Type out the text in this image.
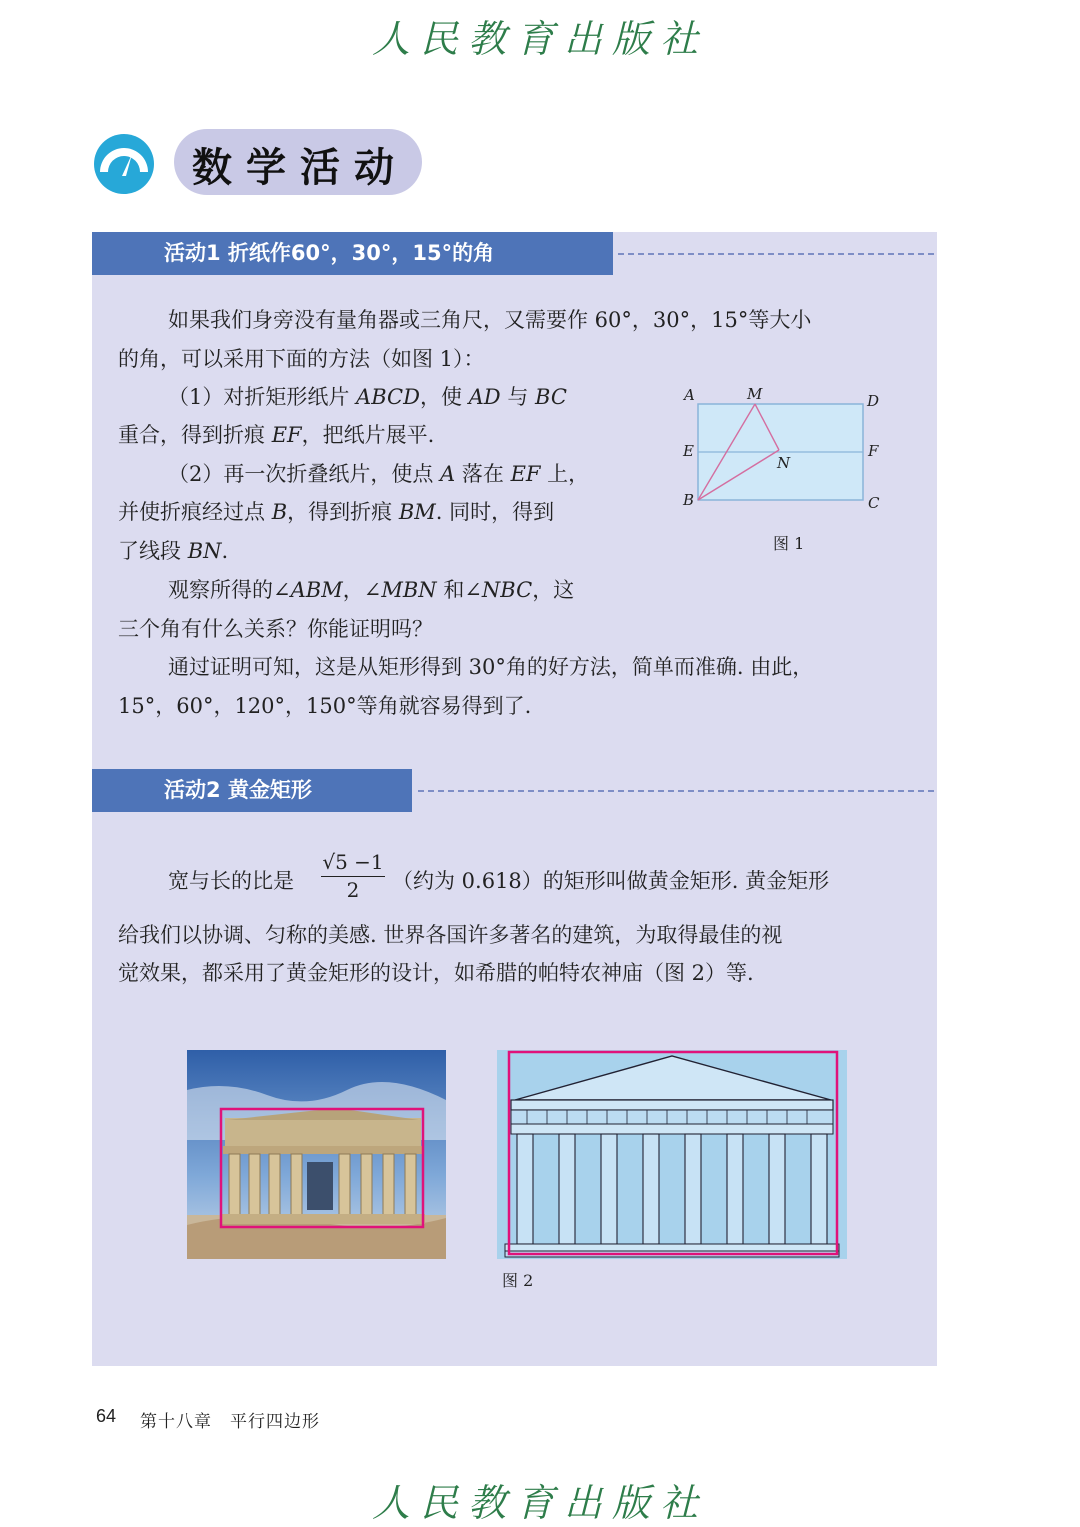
人民教育出版社
数学活动
活动1 折纸作60°，30°，15°的角

如果我们身旁没有量角器或三角尺，又需要作 60°，30°，15°等大小

的角，可以采用下面的方法（如图 1）：

（1）对折矩形纸片 ABCD，使 AD 与 BC

重合，得到折痕 EF，把纸片展平.

（2）再一次折叠纸片，使点 A 落在 EF 上，

并使折痕经过点 B，得到折痕 BM. 同时，得到

了线段 BN.

观察所得的∠ABM，∠MBN 和∠NBC，这

三个角有什么关系？你能证明吗？

通过证明可知，这是从矩形得到 30°角的好方法，简单而准确. 由此，

15°，60°，120°，150°等角就容易得到了.

A	M	D
E	F
N
B	C
图 1
活动2 黄金矩形
宽与长的比是
√5 −1
2	（约为 0.618）的矩形叫做黄金矩形. 黄金矩形

给我们以协调、匀称的美感. 世界各国许多著名的建筑，为取得最佳的视

觉效果，都采用了黄金矩形的设计，如希腊的帕特农神庙（图 2）等.

图 2
64 第十八章　平行四边形
人民教育出版社
